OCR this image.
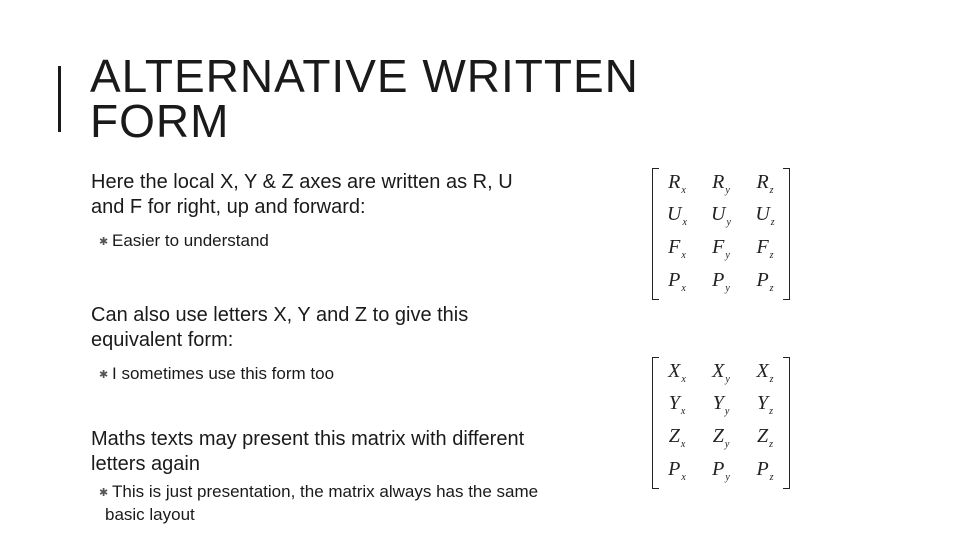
ALTERNATIVE WRITTEN FORM

Here the local X, Y & Z axes are written as R, U and F for right, up and forward:

✱ Easier to understand

Can also use letters X, Y and Z to give this equivalent form:

✱ I sometimes use this form too

Maths texts may present this matrix with different letters again

✱ This is just presentation, the matrix always has the same basic layout

$R_x$	$R_y$	$R_z$
$U_x$	$U_y$	$U_z$
$F_x$	$F_y$	$F_z$
$P_x$	$P_y$	$P_z$
$X_x$	$X_y$	$X_z$
$Y_x$	$Y_y$	$Y_z$
$Z_x$	$Z_y$	$Z_z$
$P_x$	$P_y$	$P_z$
